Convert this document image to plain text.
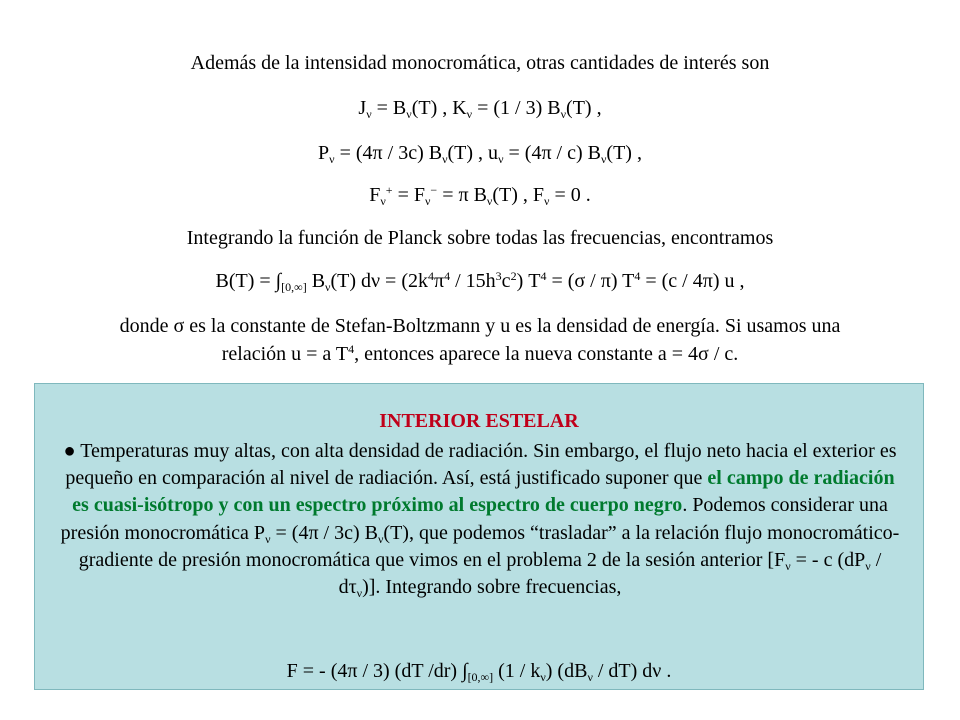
Además de la intensidad monocromática, otras cantidades de interés son
$J_\nu = B_\nu(T)$ , $K_\nu = (1 / 3)$ $B_\nu(T)$ ,
$P_\nu = (4\pi / 3c)$ $B_\nu(T)$ , $u_\nu = (4\pi / c)$ $B_\nu(T)$ ,
$F_\nu^+ = F_\nu^- = \pi$ $B_\nu(T)$ , $F_\nu = 0$ .
Integrando la función de Planck sobre todas las frecuencias, encontramos
$B(T) = \int_{[0,\infty]}$ $B_\nu(T) d\nu = (2k^4\pi^4 / 15h^3c^2) T^4 = (\sigma / \pi) T^4 = (c / 4\pi)$ u ,
donde σ es la constante de Stefan-Boltzmann y u es la densidad de energía. Si usamos una
relación u = a $T^4$, entonces aparece la nueva constante a = 4σ / c.
INTERIOR ESTELAR
● Temperaturas muy altas, con alta densidad de radiación. Sin embargo, el flujo neto hacia el exterior es pequeño en comparación al nivel de radiación. Así, está justificado suponer que el campo de radiación es cuasi-isótropo y con un espectro próximo al espectro de cuerpo negro. Podemos considerar una presión monocromática $P_\nu = (4\pi / 3c)$ $B_\nu(T)$, que podemos “trasladar” a la relación flujo monocromático-gradiente de presión monocromática que vimos en el problema 2 de la sesión anterior [$F_\nu$ = - c $(dP_\nu / d\tau_\nu)$]. Integrando sobre frecuencias,
F = - (4π / 3) (dT /dr) $\int_{[0,\infty]}$ $(1 / k_\nu)$ $(dB_\nu / dT)$ dν .
